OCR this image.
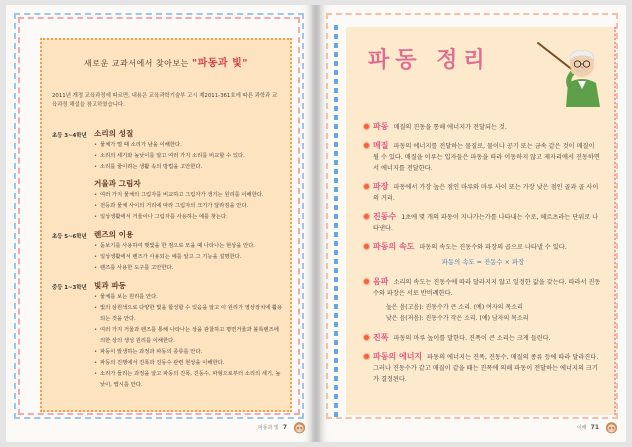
새로운 교과서에서 찾아보는 "파동과 빛"

2011년 개정 교육과정에 따르면, 내용은 교육과학기술부 고시 제2011-361호에 따른 과학과 교육과정 해설을 참고하였습니다.

초등 3~4학년 소리의 성질
• 물체가 떨 때 소리가 남을 이해한다.
• 소리의 세기와 높낮이를 알고 여러 가지 소리를 비교할 수 있다.
• 소리를 줄이려는 생활 속의 방법을 고안한다.
거울과 그림자
• 여러 가지 물체의 그림자를 비교하고 그림자가 생기는 원리를 이해한다.
• 전등과 물체 사이의 거리에 따라 그림자의 크기가 달라짐을 안다.
• 일상생활에서 거울이나 그림자를 사용하는 예를 찾는다.
초등 5~6학년 렌즈의 이용
• 돋보기를 사용하여 햇빛을 한 점으로 모을 때 나타나는 현상을 안다.
• 일상생활에서 렌즈가 사용되는 예를 알고 그 기능을 설명한다.
• 렌즈를 사용한 도구를 고안한다.
중등 1~3학년 빛과 파동
• 물체를 보는 원리를 안다.
• 빛의 삼원색으로 다양한 빛을 합성할 수 있음을 알고 이 원리가 영상장치에 활용되는 것을 안다.
• 여러 가지 거울과 렌즈를 통해 나타나는 상을 관찰하고 평면거울과 볼록렌즈에 의한 상의 생성 원리를 이해한다.
• 파동이 발생하는 과정과 파동의 종류를 안다.
• 파동의 진행에서 진폭과 진동수 관련 현상을 이해한다.
• 소리가 들리는 과정을 알고 파동의 진폭, 진동수, 파형으로부터 소리의 세기, 높낮이, 맵시를 안다.
파동과 빛 7
파동 정리
파동 매질의 진동을 통해 에너지가 전달되는 것.
매질 파동의 에너지를 전달하는 물질로, 물이나 공기 또는 금속 같은 것이 매질이 될 수 있다. 매질을 이루는 입자들은 파동을 따라 이동하지 않고 제자리에서 진동하면서 에너지를 전달한다.
파장 파동에서 가장 높은 점인 마루와 마루 사이 또는 가장 낮은 점인 골과 골 사이의 거리.
진동수 1초에 몇 개의 파동이 지나가는가를 나타내는 수로, 헤르츠라는 단위로 나타낸다.
파동의 속도 파동의 속도는 진동수와 파장의 곱으로 나타낼 수 있다.
파동의 속도 = 진동수 × 파장
음파 소리의 속도는 진동수에 따라 달라지지 않고 일정한 값을 갖는다. 따라서 진동수와 파장은 서로 반비례한다.
높은 음(고음): 진동수가 큰 소리. (예) 여자의 목소리
낮은 음(저음): 진동수가 작은 소리. (예) 남자의 목소리
진폭 파동의 마루 높이를 말한다. 진폭이 큰 소리는 크게 들린다.
파동의 에너지 파동의 에너지는 진폭, 진동수, 매질의 종류 등에 따라 달라진다. 그러나 진동수가 같고 매질이 같을 때는 진폭에 의해 파동이 전달하는 에너지의 크기가 결정된다.
이해 71
